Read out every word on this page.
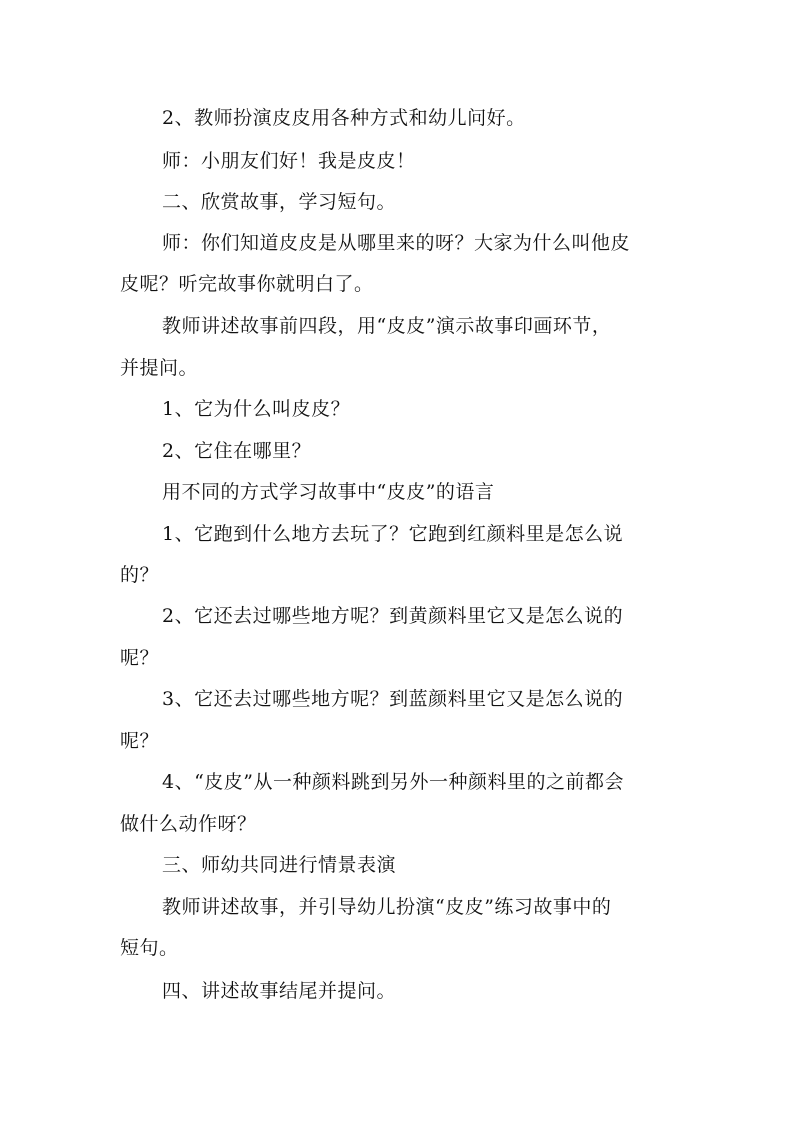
2、教师扮演皮皮用各种方式和幼儿问好。
师：小朋友们好！我是皮皮！
二、欣赏故事，学习短句。
师：你们知道皮皮是从哪里来的呀？大家为什么叫他皮
皮呢？听完故事你就明白了。
教师讲述故事前四段，用“皮皮”演示故事印画环节，
并提问。
1、它为什么叫皮皮？
2、它住在哪里？
用不同的方式学习故事中“皮皮”的语言
1、它跑到什么地方去玩了？它跑到红颜料里是怎么说
的？
2、它还去过哪些地方呢？到黄颜料里它又是怎么说的
呢？
3、它还去过哪些地方呢？到蓝颜料里它又是怎么说的
呢？
4、“皮皮”从一种颜料跳到另外一种颜料里的之前都会
做什么动作呀？
三、师幼共同进行情景表演
教师讲述故事，并引导幼儿扮演“皮皮”练习故事中的
短句。
四、讲述故事结尾并提问。
